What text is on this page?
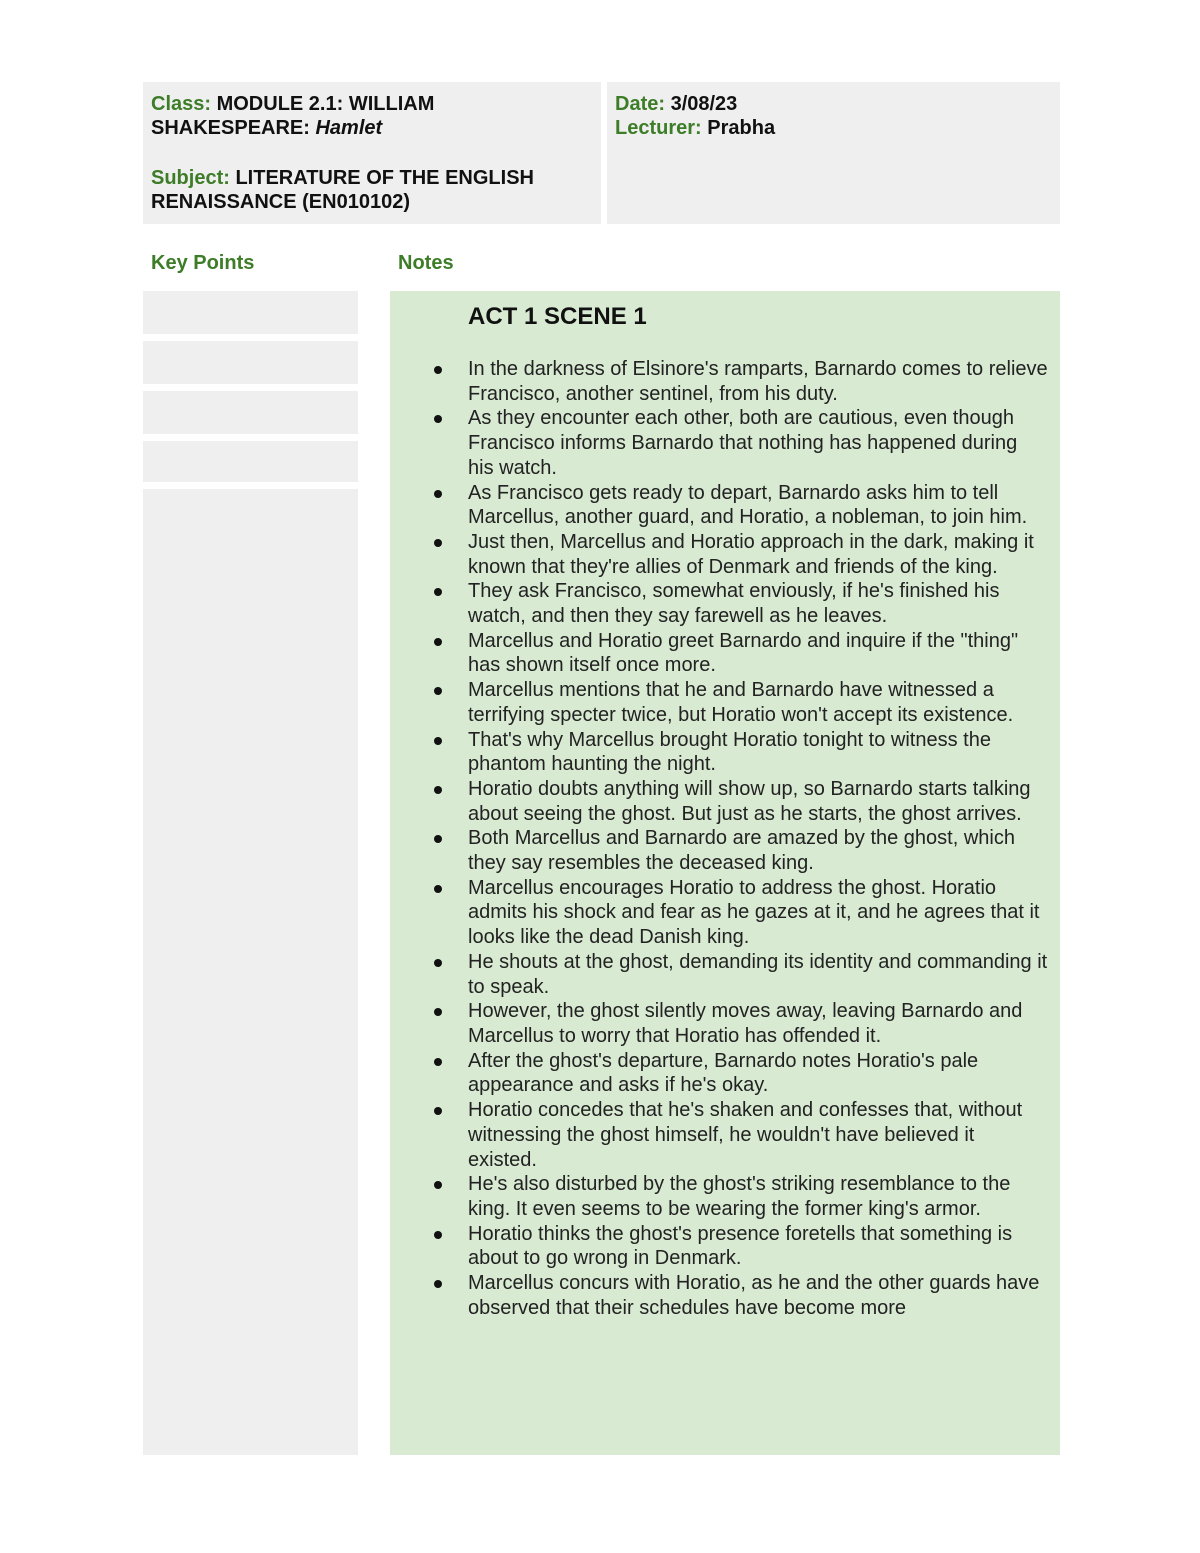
Class: MODULE 2.1: WILLIAM
SHAKESPEARE: Hamlet
Subject: LITERATURE OF THE ENGLISH
RENAISSANCE (EN010102)
Date: 3/08/23
Lecturer: Prabha
Key Points	Notes
ACT 1 SCENE 1
In the darkness of Elsinore's ramparts, Barnardo comes to relieve Francisco, another sentinel, from his duty.
As they encounter each other, both are cautious, even though Francisco informs Barnardo that nothing has happened during his watch.
As Francisco gets ready to depart, Barnardo asks him to tell Marcellus, another guard, and Horatio, a nobleman, to join him.
Just then, Marcellus and Horatio approach in the dark, making it known that they're allies of Denmark and friends of the king.
They ask Francisco, somewhat enviously, if he's finished his watch, and then they say farewell as he leaves.
Marcellus and Horatio greet Barnardo and inquire if the "thing" has shown itself once more.
Marcellus mentions that he and Barnardo have witnessed a terrifying specter twice, but Horatio won't accept its existence.
That's why Marcellus brought Horatio tonight to witness the phantom haunting the night.
Horatio doubts anything will show up, so Barnardo starts talking about seeing the ghost. But just as he starts, the ghost arrives.
Both Marcellus and Barnardo are amazed by the ghost, which they say resembles the deceased king.
Marcellus encourages Horatio to address the ghost. Horatio admits his shock and fear as he gazes at it, and he agrees that it looks like the dead Danish king.
He shouts at the ghost, demanding its identity and commanding it to speak.
However, the ghost silently moves away, leaving Barnardo and Marcellus to worry that Horatio has offended it.
After the ghost's departure, Barnardo notes Horatio's pale appearance and asks if he's okay.
Horatio concedes that he's shaken and confesses that, without witnessing the ghost himself, he wouldn't have believed it existed.
He's also disturbed by the ghost's striking resemblance to the king. It even seems to be wearing the former king's armor.
Horatio thinks the ghost's presence foretells that something is about to go wrong in Denmark.
Marcellus concurs with Horatio, as he and the other guards have observed that their schedules have become more
